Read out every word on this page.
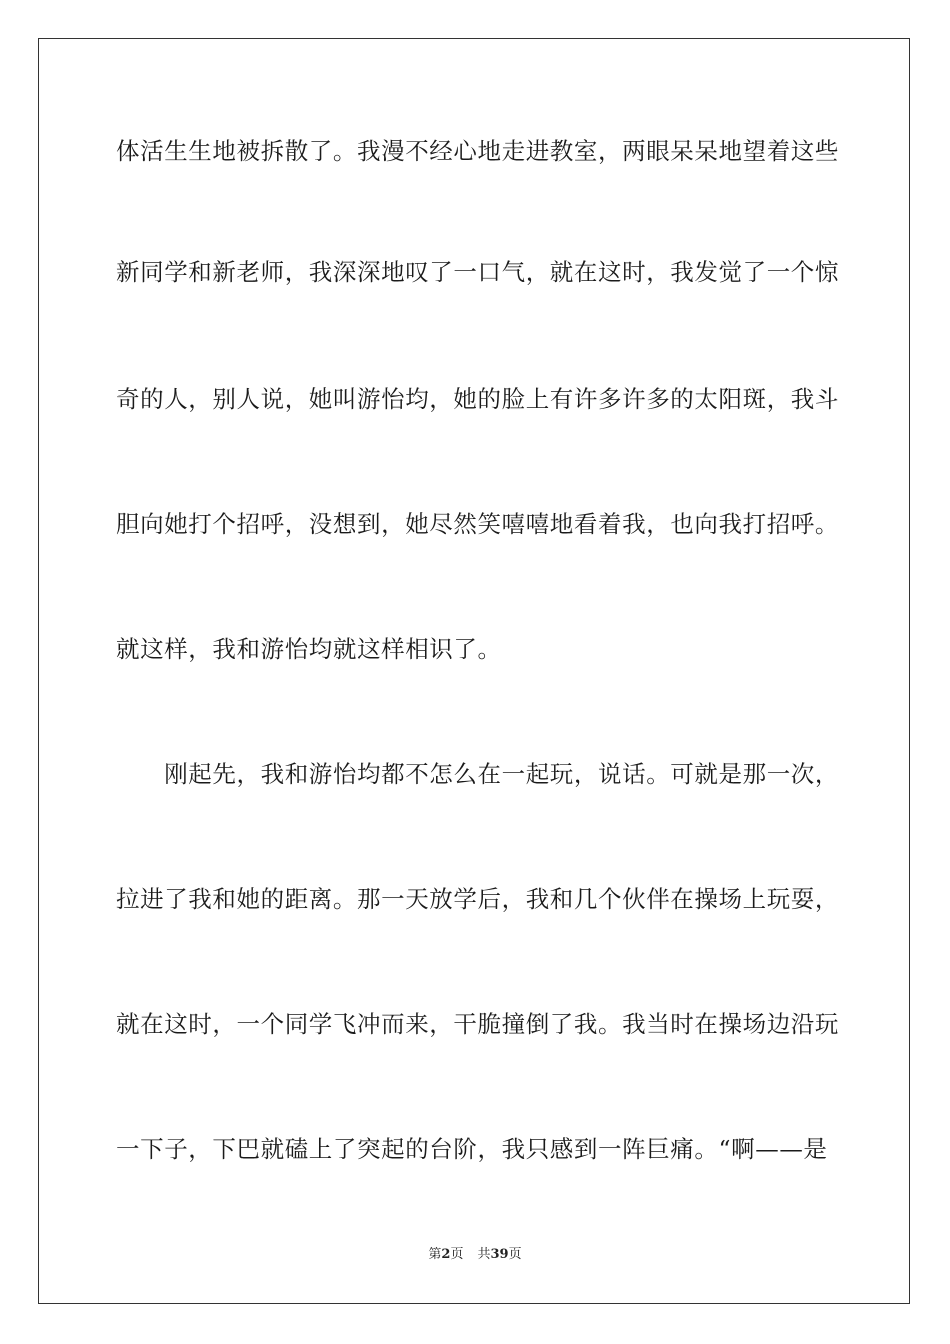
体活生生地被拆散了。我漫不经心地走进教室，两眼呆呆地望着这些
新同学和新老师，我深深地叹了一口气，就在这时，我发觉了一个惊
奇的人，别人说，她叫游怡均，她的脸上有许多许多的太阳斑，我斗
胆向她打个招呼，没想到，她尽然笑嘻嘻地看着我，也向我打招呼。
就这样，我和游怡均就这样相识了。
　　刚起先，我和游怡均都不怎么在一起玩，说话。可就是那一次，
拉进了我和她的距离。那一天放学后，我和几个伙伴在操场上玩耍，
就在这时，一个同学飞冲而来，干脆撞倒了我。我当时在操场边沿玩
一下子，下巴就磕上了突起的台阶，我只感到一阵巨痛。“啊——是
第2页 共39页
